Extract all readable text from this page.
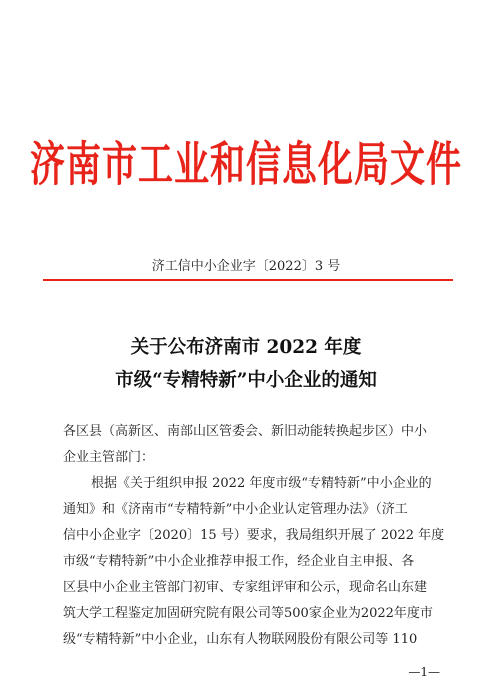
济南市工业和信息化局文件
济工信中小企业字〔2022〕3 号
关于公布济南市 2022 年度
市级“专精特新”中小企业的通知
各区县（高新区、南部山区管委会、新旧动能转换起步区）中小
企业主管部门：
根据《关于组织申报 2022 年度市级“专精特新”中小企业的
通知》和《济南市“专精特新”中小企业认定管理办法》（济工
信中小企业字〔2020〕15 号）要求，我局组织开展了 2022 年度
市级“专精特新”中小企业推荐申报工作，经企业自主申报、各
区县中小企业主管部门初审、专家组评审和公示，现命名山东建
筑大学工程鉴定加固研究院有限公司等500家企业为2022年度市
级“专精特新”中小企业，山东有人物联网股份有限公司等 110
—1—
